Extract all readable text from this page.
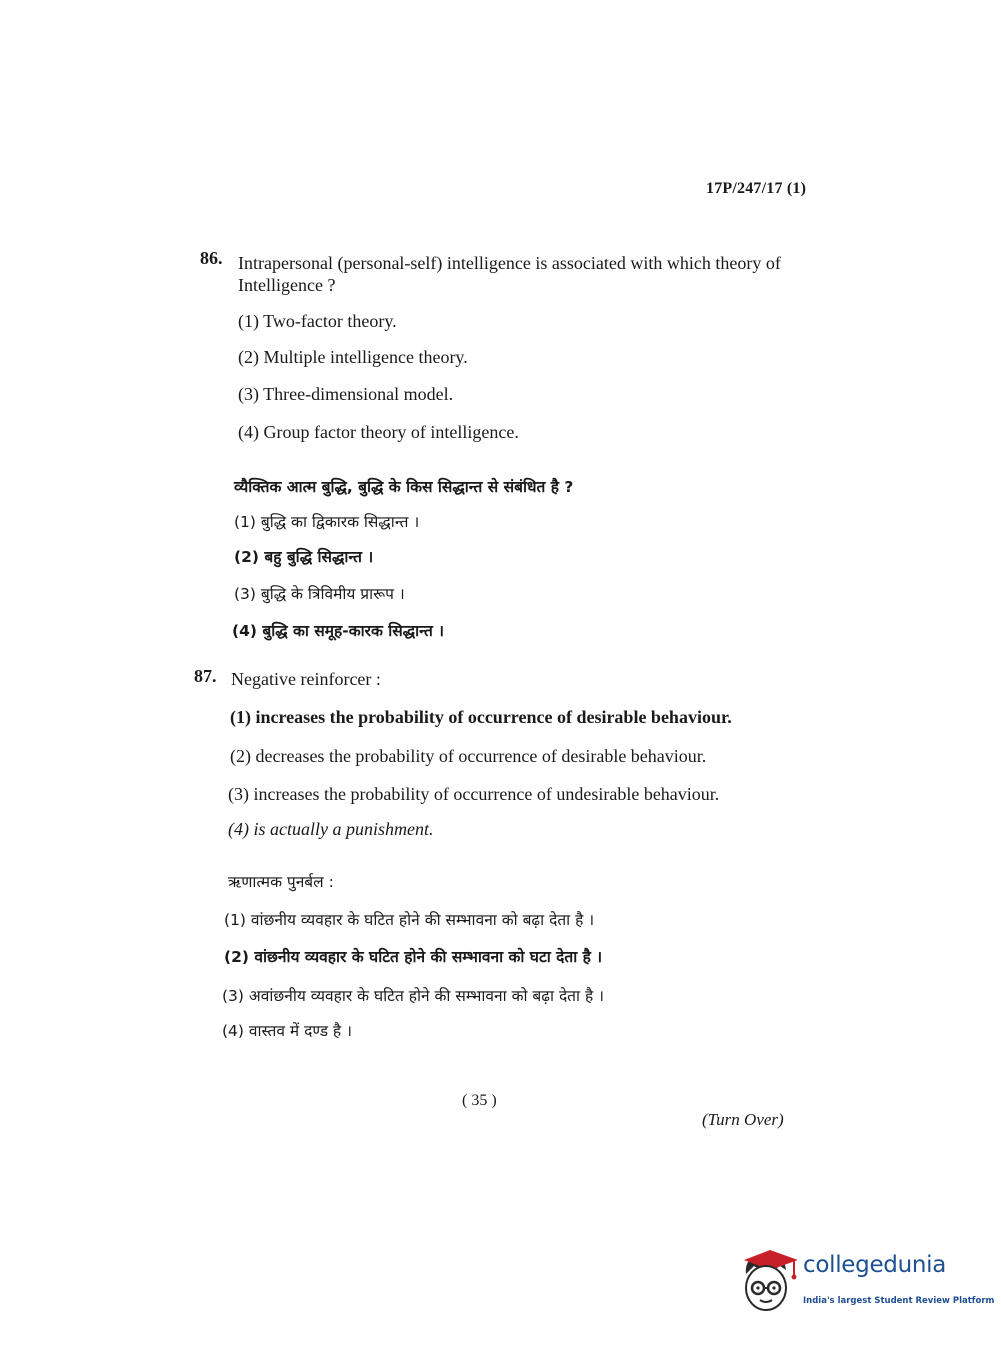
17P/247/17 (1)
86. Intrapersonal (personal-self) intelligence is associated with which theory of
Intelligence ?
(1) Two-factor theory.
(2) Multiple intelligence theory.
(3) Three-dimensional model.
(4) Group factor theory of intelligence.
व्यैक्तिक आत्म बुद्धि, बुद्धि के किस सिद्धान्त से संबंधित है ?
(1) बुद्धि का द्विकारक सिद्धान्त ।
(2) बहु बुद्धि सिद्धान्त ।
(3) बुद्धि के त्रिविमीय प्रारूप ।
(4) बुद्धि का समूह-कारक सिद्धान्त ।
87. Negative reinforcer :
(1) increases the probability of occurrence of desirable behaviour.
(2) decreases the probability of occurrence of desirable behaviour.
(3) increases the probability of occurrence of undesirable behaviour.
(4) is actually a punishment.
ऋणात्मक पुनर्बल :
(1) वांछनीय व्यवहार के घटित होने की सम्भावना को बढ़ा देता है ।
(2) वांछनीय व्यवहार के घटित होने की सम्भावना को घटा देता है ।
(3) अवांछनीय व्यवहार के घटित होने की सम्भावना को बढ़ा देता है ।
(4) वास्तव में दण्ड है ।
( 35 )
(Turn Over)
collegedunia
India's largest Student Review Platform
